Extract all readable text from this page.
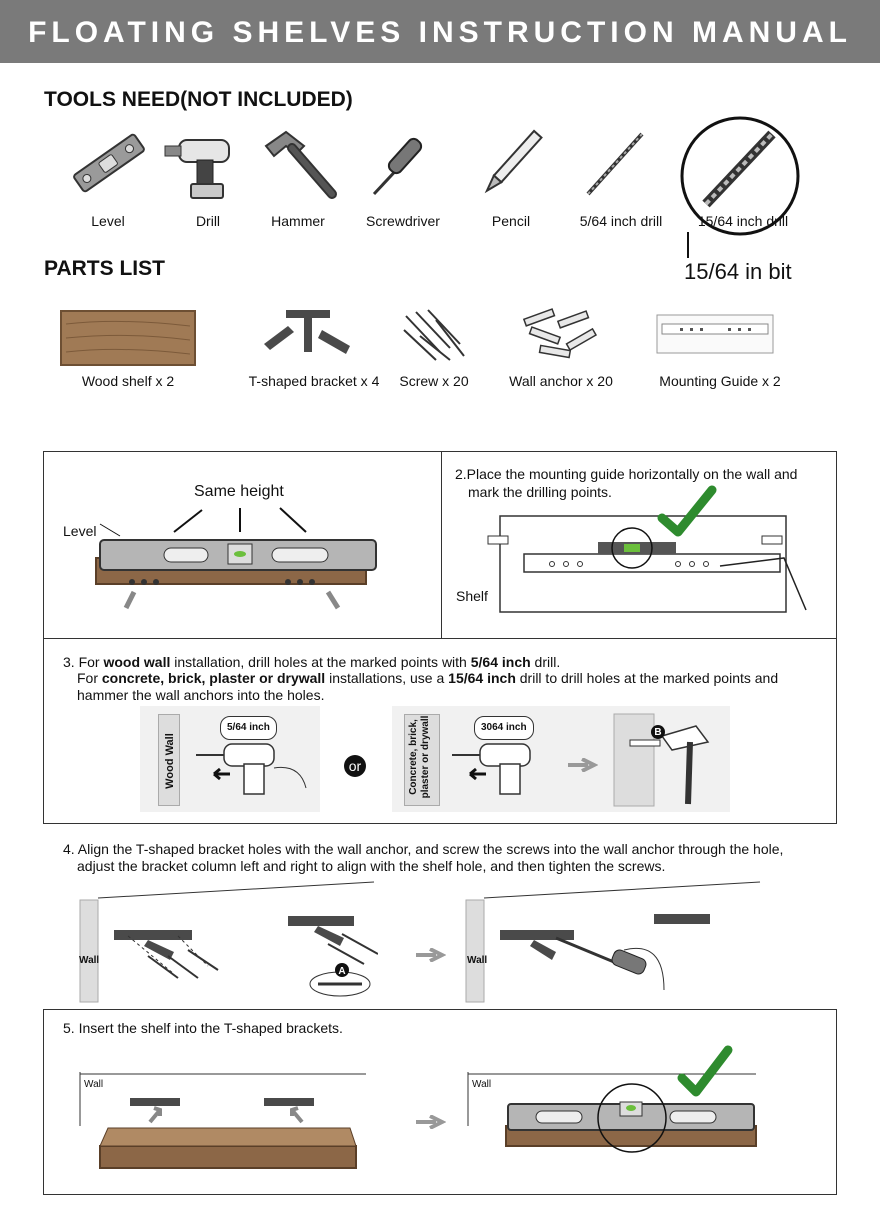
FLOATING SHELVES INSTRUCTION MANUAL
TOOLS NEED(NOT INCLUDED)
Level	Drill	Hammer	Screwdriver	Pencil	5/64 inch drill	15/64 inch drill
15/64 in bit
PARTS LIST
Wood shelf x 2	T-shaped bracket x 4	Screw x 20	Wall anchor x 20	Mounting Guide x 2
Same height
Level
2.Place the mounting guide horizontally on the wall and
mark the drilling points.
Shelf
3. For wood wall installation, drill holes at the marked points with 5/64 inch drill.
For concrete, brick, plaster or drywall installations, use a 15/64 inch drill to drill holes at the marked points and
hammer the wall anchors into the holes.
Wood Wall
5/64 inch
or	Concrete, brick,
plaster or drywall	3064 inch	B
4. Align the T-shaped bracket holes with the wall anchor, and screw the screws into the wall anchor through the hole,
adjust the bracket column left and right to align with the shelf hole, and then tighten the screws.
Wall
A
Wall
5. Insert the shelf into the T-shaped brackets.
Wall	Wall
